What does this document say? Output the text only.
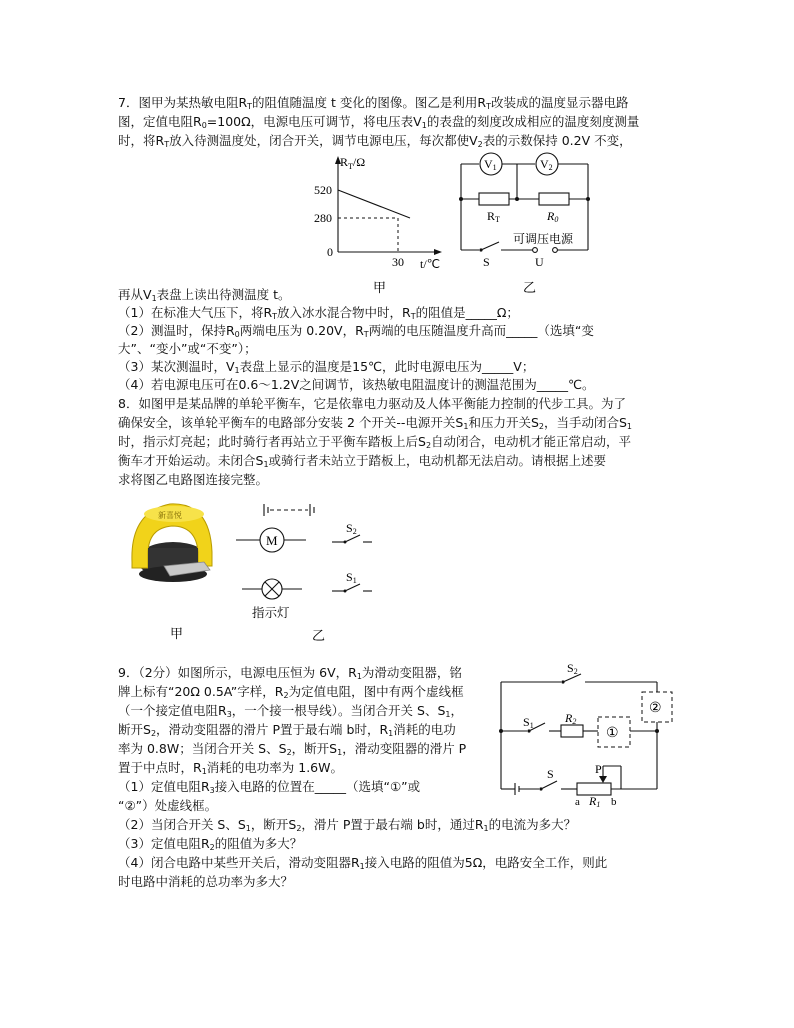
7．图甲为某热敏电阻$R_T$的阻值随温度 t 变化的图像。图乙是利用$R_T$改装成的温度显示器电路
图，定值电阻$R_0=100\Omega$，电源电压可调节，将电压表$V_1$的表盘的刻度改成相应的温度刻度测量
时，将$R_T$放入待测温度处，闭合开关，调节电源电压，每次都使$V_2$表的示数保持 0.2V 不变，
$R_T/\Omega$
520
280
0
30 t/℃
甲
V1	V2
RT	R0
可调压电源
S	U
乙
再从$V_1$表盘上读出待测温度 t。
（1）在标准大气压下，将$R_T$放入冰水混合物中时，$R_T$的阻值是_____Ω；
（2）测温时，保持$R_0$两端电压为 0.20V，$R_T$两端的电压随温度升高而_____（选填“变
大”、“变小”或“不变”）；
（3）某次测温时，$V_1$表盘上显示的温度是15℃，此时电源电压为_____V；
（4）若电源电压可在0.6～1.2V之间调节，该热敏电阻温度计的测温范围为_____℃。
8．如图甲是某品牌的单轮平衡车，它是依靠电力驱动及人体平衡能力控制的代步工具。为了
确保安全，该单轮平衡车的电路部分安装 2 个开关--电源开关$S_1$和压力开关$S_2$，当手动闭合$S_1$
时，指示灯亮起；此时骑行者再站立于平衡车踏板上后$S_2$自动闭合，电动机才能正常启动，平
衡车才开始运动。未闭合$S_1$或骑行者未站立于踏板上，电动机都无法启动。请根据上述要
求将图乙电路图连接完整。
新喜悦
甲
M
S2
指示灯
S1
乙
9．（2分）如图所示，电源电压恒为 6V，$R_1$为滑动变阻器，铭
牌上标有“20Ω 0.5A”字样，$R_2$为定值电阻，图中有两个虚线框
（一个接定值电阻$R_3$，一个接一根导线）。当闭合开关 S、$S_1$，
断开$S_2$，滑动变阻器的滑片 P置于最右端 b时，$R_1$消耗的电功
率为 0.8W；当闭合开关 S、$S_2$，断开$S_1$，滑动变阻器的滑片 P
置于中点时，$R_1$消耗的电功率为 1.6W。
（1）定值电阻$R_3$接入电路的位置在_____（选填“①”或
“②”）处虚线框。
（2）当闭合开关 S、$S_1$，断开$S_2$，滑片 P置于最右端 b时，通过$R_1$的电流为多大？
（3）定值电阻$R_2$的阻值为多大？
（4）闭合电路中某些开关后，滑动变阻器$R_1$接入电路的阻值为5Ω，电路安全工作，则此
时电路中消耗的总功率为多大？
S2
②
S1
R2
①
S	P
a R1 b
